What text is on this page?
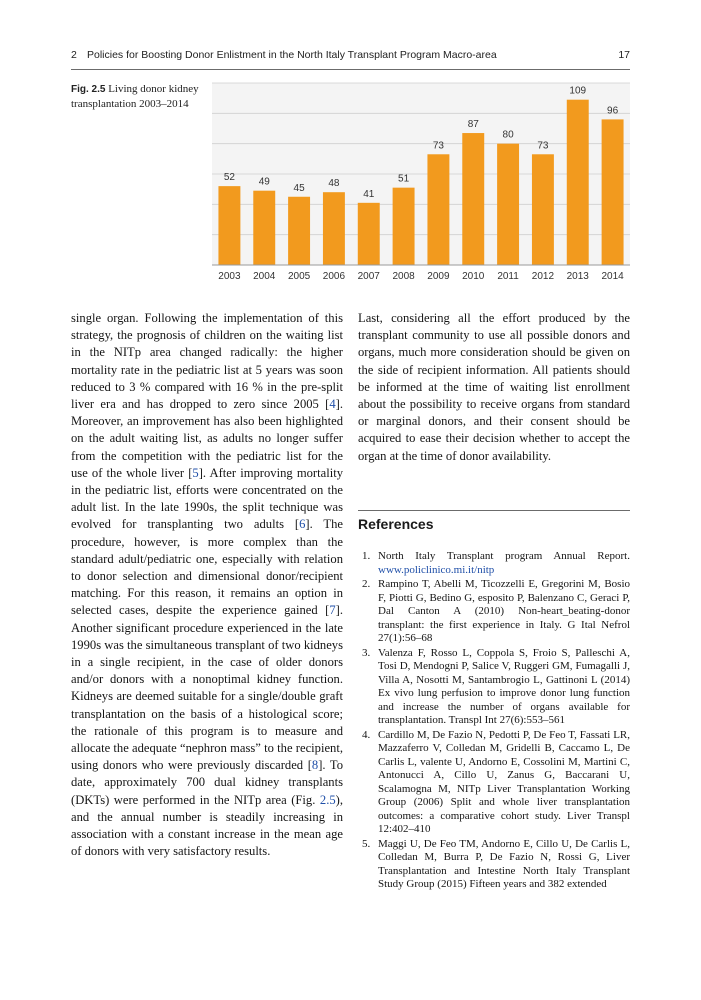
2 Policies for Boosting Donor Enlistment in the North Italy Transplant Program Macro-area	17
Fig. 2.5 Living donor kidney transplantation 2003–2014
52
2003
49
2004
45
2005
48
2006
41
2007
51
2008
73
2009
87
2010
80
2011
73
2012
109
2013
96
2014
single organ. Following the implementation of this strategy, the prognosis of children on the waiting list in the NITp area changed radically: the higher mortality rate in the pediatric list at 5 years was soon reduced to 3 % compared with 16 % in the pre-split liver era and has dropped to zero since 2005 [4]. Moreover, an improvement has also been highlighted on the adult waiting list, as adults no longer suffer from the competition with the pediatric list for the use of the whole liver [5]. After improving mortality in the pediatric list, efforts were concentrated on the adult list. In the late 1990s, the split technique was evolved for transplanting two adults [6]. The procedure, however, is more complex than the standard adult/pediatric one, especially with relation to donor selection and dimensional donor/recipient matching. For this reason, it remains an option in selected cases, despite the experience gained [7]. Another significant procedure experienced in the late 1990s was the simultaneous transplant of two kidneys in a single recipient, in the case of older donors and/or donors with a nonoptimal kidney function. Kidneys are deemed suitable for a single/double graft transplantation on the basis of a histological score; the rationale of this program is to measure and allocate the adequate “nephron mass” to the recipient, using donors who were previously discarded [8]. To date, approximately 700 dual kidney transplants (DKTs) were performed in the NITp area (Fig. 2.5), and the annual number is steadily increasing in association with a constant increase in the mean age of donors with very satisfactory results.
Last, considering all the effort produced by the transplant community to use all possible donors and organs, much more consideration should be given on the side of recipient information. All patients should be informed at the time of waiting list enrollment about the possibility to receive organs from standard or marginal donors, and their consent should be acquired to ease their decision whether to accept the organ at the time of donor availability.
References
1. North Italy Transplant program Annual Report. www.policlinico.mi.it/nitp
2. Rampino T, Abelli M, Ticozzelli E, Gregorini M, Bosio F, Piotti G, Bedino G, esposito P, Balenzano C, Geraci P, Dal Canton A (2010) Non-heart_beating-donor transplant: the first experience in Italy. G Ital Nefrol 27(1):56–68
3. Valenza F, Rosso L, Coppola S, Froio S, Palleschi A, Tosi D, Mendogni P, Salice V, Ruggeri GM, Fumagalli J, Villa A, Nosotti M, Santambrogio L, Gattinoni L (2014) Ex vivo lung perfusion to improve donor lung function and increase the number of organs available for transplantation. Transpl Int 27(6):553–561
4. Cardillo M, De Fazio N, Pedotti P, De Feo T, Fassati LR, Mazzaferro V, Colledan M, Gridelli B, Caccamo L, De Carlis L, valente U, Andorno E, Cossolini M, Martini C, Antonucci A, Cillo U, Zanus G, Baccarani U, Scalamogna M, NITp Liver Transplantation Working Group (2006) Split and whole liver transplantation outcomes: a comparative cohort study. Liver Transpl 12:402–410
5. Maggi U, De Feo TM, Andorno E, Cillo U, De Carlis L, Colledan M, Burra P, De Fazio N, Rossi G, Liver Transplantation and Intestine North Italy Transplant Study Group (2015) Fifteen years and 382 extended
